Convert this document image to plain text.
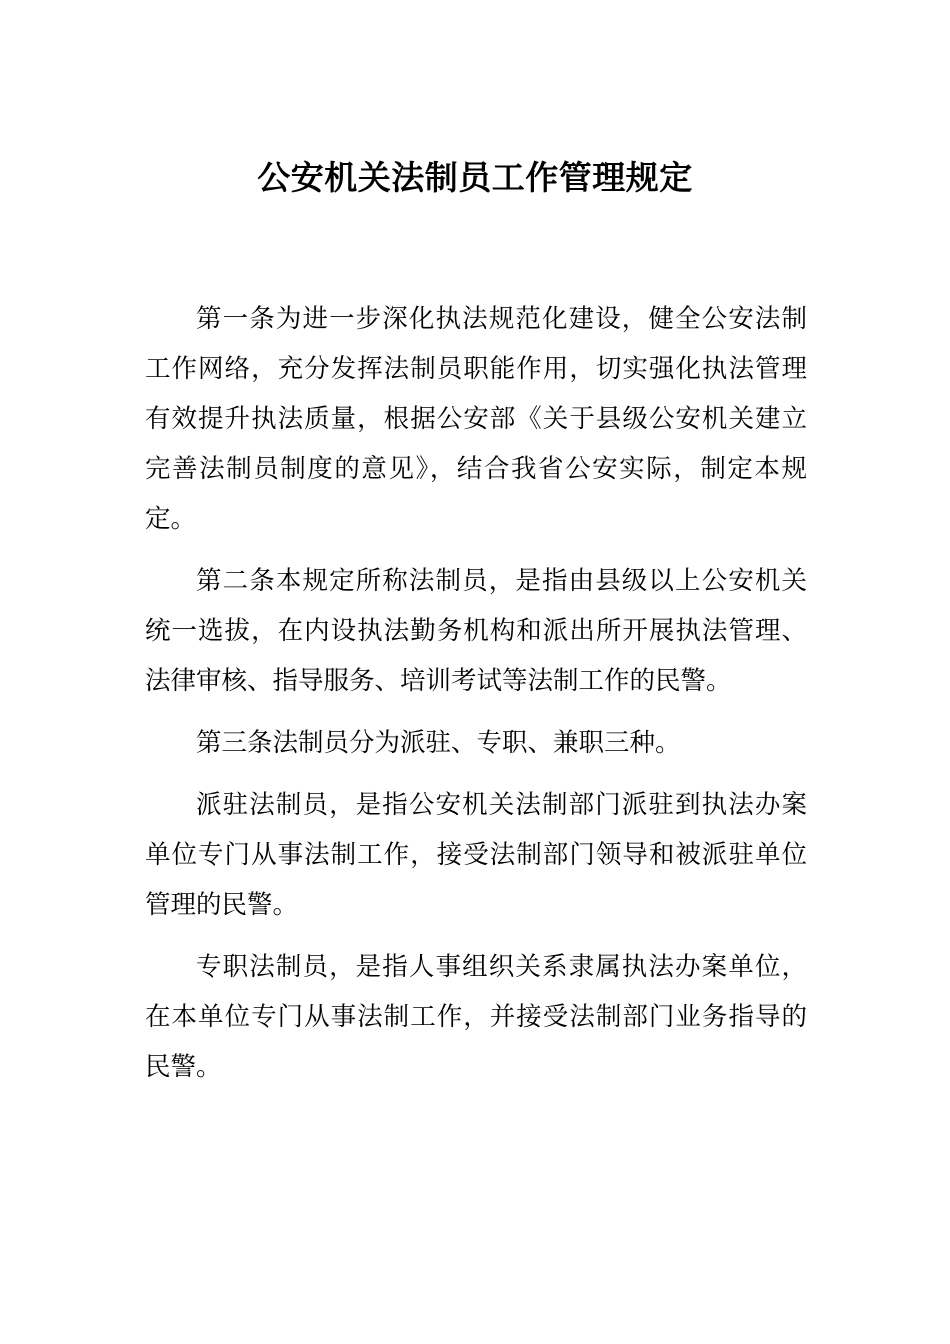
公安机关法制员工作管理规定

第一条为进一步深化执法规范化建设，健全公安法制工作网络，充分发挥法制员职能作用，切实强化执法管理有效提升执法质量，根据公安部《关于县级公安机关建立完善法制员制度的意见》，结合我省公安实际，制定本规定。

第二条本规定所称法制员，是指由县级以上公安机关统一选拔，在内设执法勤务机构和派出所开展执法管理、法律审核、指导服务、培训考试等法制工作的民警。

第三条法制员分为派驻、专职、兼职三种。

派驻法制员，是指公安机关法制部门派驻到执法办案单位专门从事法制工作，接受法制部门领导和被派驻单位管理的民警。

专职法制员，是指人事组织关系隶属执法办案单位，在本单位专门从事法制工作，并接受法制部门业务指导的民警。
